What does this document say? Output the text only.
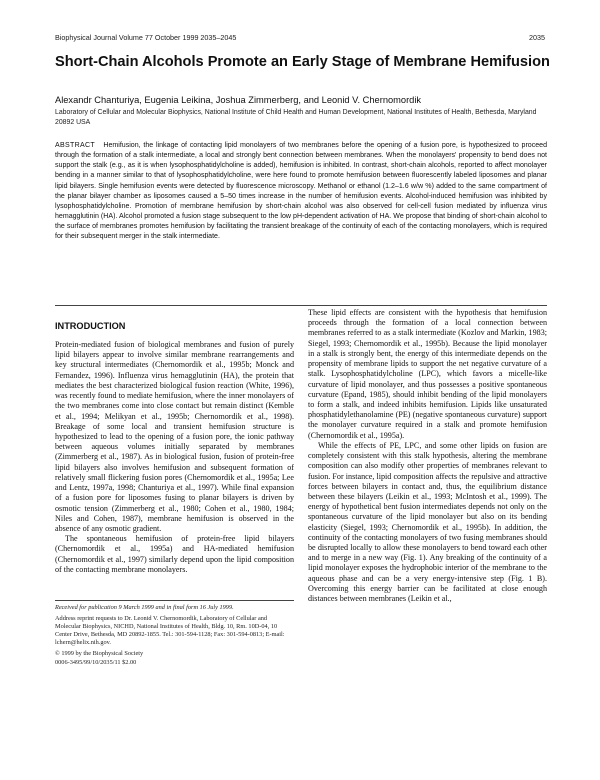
Biophysical Journal Volume 77 October 1999 2035–2045	2035
Short-Chain Alcohols Promote an Early Stage of Membrane Hemifusion
Alexandr Chanturiya, Eugenia Leikina, Joshua Zimmerberg, and Leonid V. Chernomordik
Laboratory of Cellular and Molecular Biophysics, National Institute of Child Health and Human Development, National Institutes of Health, Bethesda, Maryland 20892 USA
ABSTRACT Hemifusion, the linkage of contacting lipid monolayers of two membranes before the opening of a fusion pore, is hypothesized to proceed through the formation of a stalk intermediate, a local and strongly bent connection between membranes. When the monolayers' propensity to bend does not support the stalk (e.g., as it is when lysophosphatidylcholine is added), hemifusion is inhibited. In contrast, short-chain alcohols, reported to affect monolayer bending in a manner similar to that of lysophosphatidylcholine, were here found to promote hemifusion between fluorescently labeled liposomes and planar lipid bilayers. Single hemifusion events were detected by fluorescence microscopy. Methanol or ethanol (1.2–1.6 w/w %) added to the same compartment of the planar bilayer chamber as liposomes caused a 5–50 times increase in the number of hemifusion events. Alcohol-induced hemifusion was inhibited by lysophosphatidylcholine. Promotion of membrane hemifusion by short-chain alcohol was also observed for cell-cell fusion mediated by influenza virus hemagglutinin (HA). Alcohol promoted a fusion stage subsequent to the low pH-dependent activation of HA. We propose that binding of short-chain alcohol to the surface of membranes promotes hemifusion by facilitating the transient breakage of the continuity of each of the contacting monolayers, which is required for their subsequent merger in the stalk intermediate.
INTRODUCTION

Protein-mediated fusion of biological membranes and fusion of purely lipid bilayers appear to involve similar membrane rearrangements and key structural intermediates (Chernomordik et al., 1995b; Monck and Fernandez, 1996). Influenza virus hemagglutinin (HA), the protein that mediates the best characterized biological fusion reaction (White, 1996), was recently found to mediate hemifusion, where the inner monolayers of the two membranes come into close contact but remain distinct (Kemble et al., 1994; Melikyan et al., 1995b; Chernomordik et al., 1998). Breakage of some local and transient hemifusion structure is hypothesized to lead to the opening of a fusion pore, the ionic pathway between aqueous volumes initially separated by membranes (Zimmerberg et al., 1987). As in biological fusion, fusion of protein-free lipid bilayers also involves hemifusion and subsequent formation of relatively small flickering fusion pores (Chernomordik et al., 1995a; Lee and Lentz, 1997a, 1998; Chanturiya et al., 1997). While final expansion of a fusion pore for liposomes fusing to planar bilayers is driven by osmotic tension (Zimmerberg et al., 1980; Cohen et al., 1980, 1984; Niles and Cohen, 1987), membrane hemifusion is observed in the absence of any osmotic gradient.

The spontaneous hemifusion of protein-free lipid bilayers (Chernomordik et al., 1995a) and HA-mediated hemifusion (Chernomordik et al., 1997) similarly depend upon the lipid composition of the contacting membrane monolayers.

Received for publication 9 March 1999 and in final form 16 July 1999.
Address reprint requests to Dr. Leonid V. Chernomordik, Laboratory of Cellular and Molecular Biophysics, NICHD, National Institutes of Health, Bldg. 10, Rm. 10D-04, 10 Center Drive, Bethesda, MD 20892-1855. Tel.: 301-594-1128; Fax: 301-594-0813; E-mail: lchern@helix.nih.gov.
© 1999 by the Biophysical Society
0006-3495/99/10/2035/11 $2.00

These lipid effects are consistent with the hypothesis that hemifusion proceeds through the formation of a local connection between membranes referred to as a stalk intermediate (Kozlov and Markin, 1983; Siegel, 1993; Chernomordik et al., 1995b). Because the lipid monolayer in a stalk is strongly bent, the energy of this intermediate depends on the propensity of membrane lipids to support the net negative curvature of a stalk. Lysophosphatidylcholine (LPC), which favors a micelle-like curvature of lipid monolayer, and thus possesses a positive spontaneous curvature (Epand, 1985), should inhibit bending of the lipid monolayers to form a stalk, and indeed inhibits hemifusion. Lipids like unsaturated phosphatidylethanolamine (PE) (negative spontaneous curvature) support the monolayer curvature required in a stalk and promote hemifusion (Chernomordik et al., 1995a).

While the effects of PE, LPC, and some other lipids on fusion are completely consistent with this stalk hypothesis, altering the membrane composition can also modify other properties of membranes relevant to fusion. For instance, lipid composition affects the repulsive and attractive forces between bilayers in contact and, thus, the equilibrium distance between these bilayers (Leikin et al., 1993; McIntosh et al., 1999). The energy of hypothetical bent fusion intermediates depends not only on the spontaneous curvature of the lipid monolayer but also on its bending elasticity (Siegel, 1993; Chernomordik et al., 1995b). In addition, the continuity of the contacting monolayers of two fusing membranes should be disrupted locally to allow these monolayers to bend toward each other and to merge in a new way (Fig. 1). Any breaking of the continuity of a lipid monolayer exposes the hydrophobic interior of the membrane to the aqueous phase and can be a very energy-intensive step (Fig. 1 B). Overcoming this energy barrier can be facilitated at close enough distances between membranes (Leikin et al.,
